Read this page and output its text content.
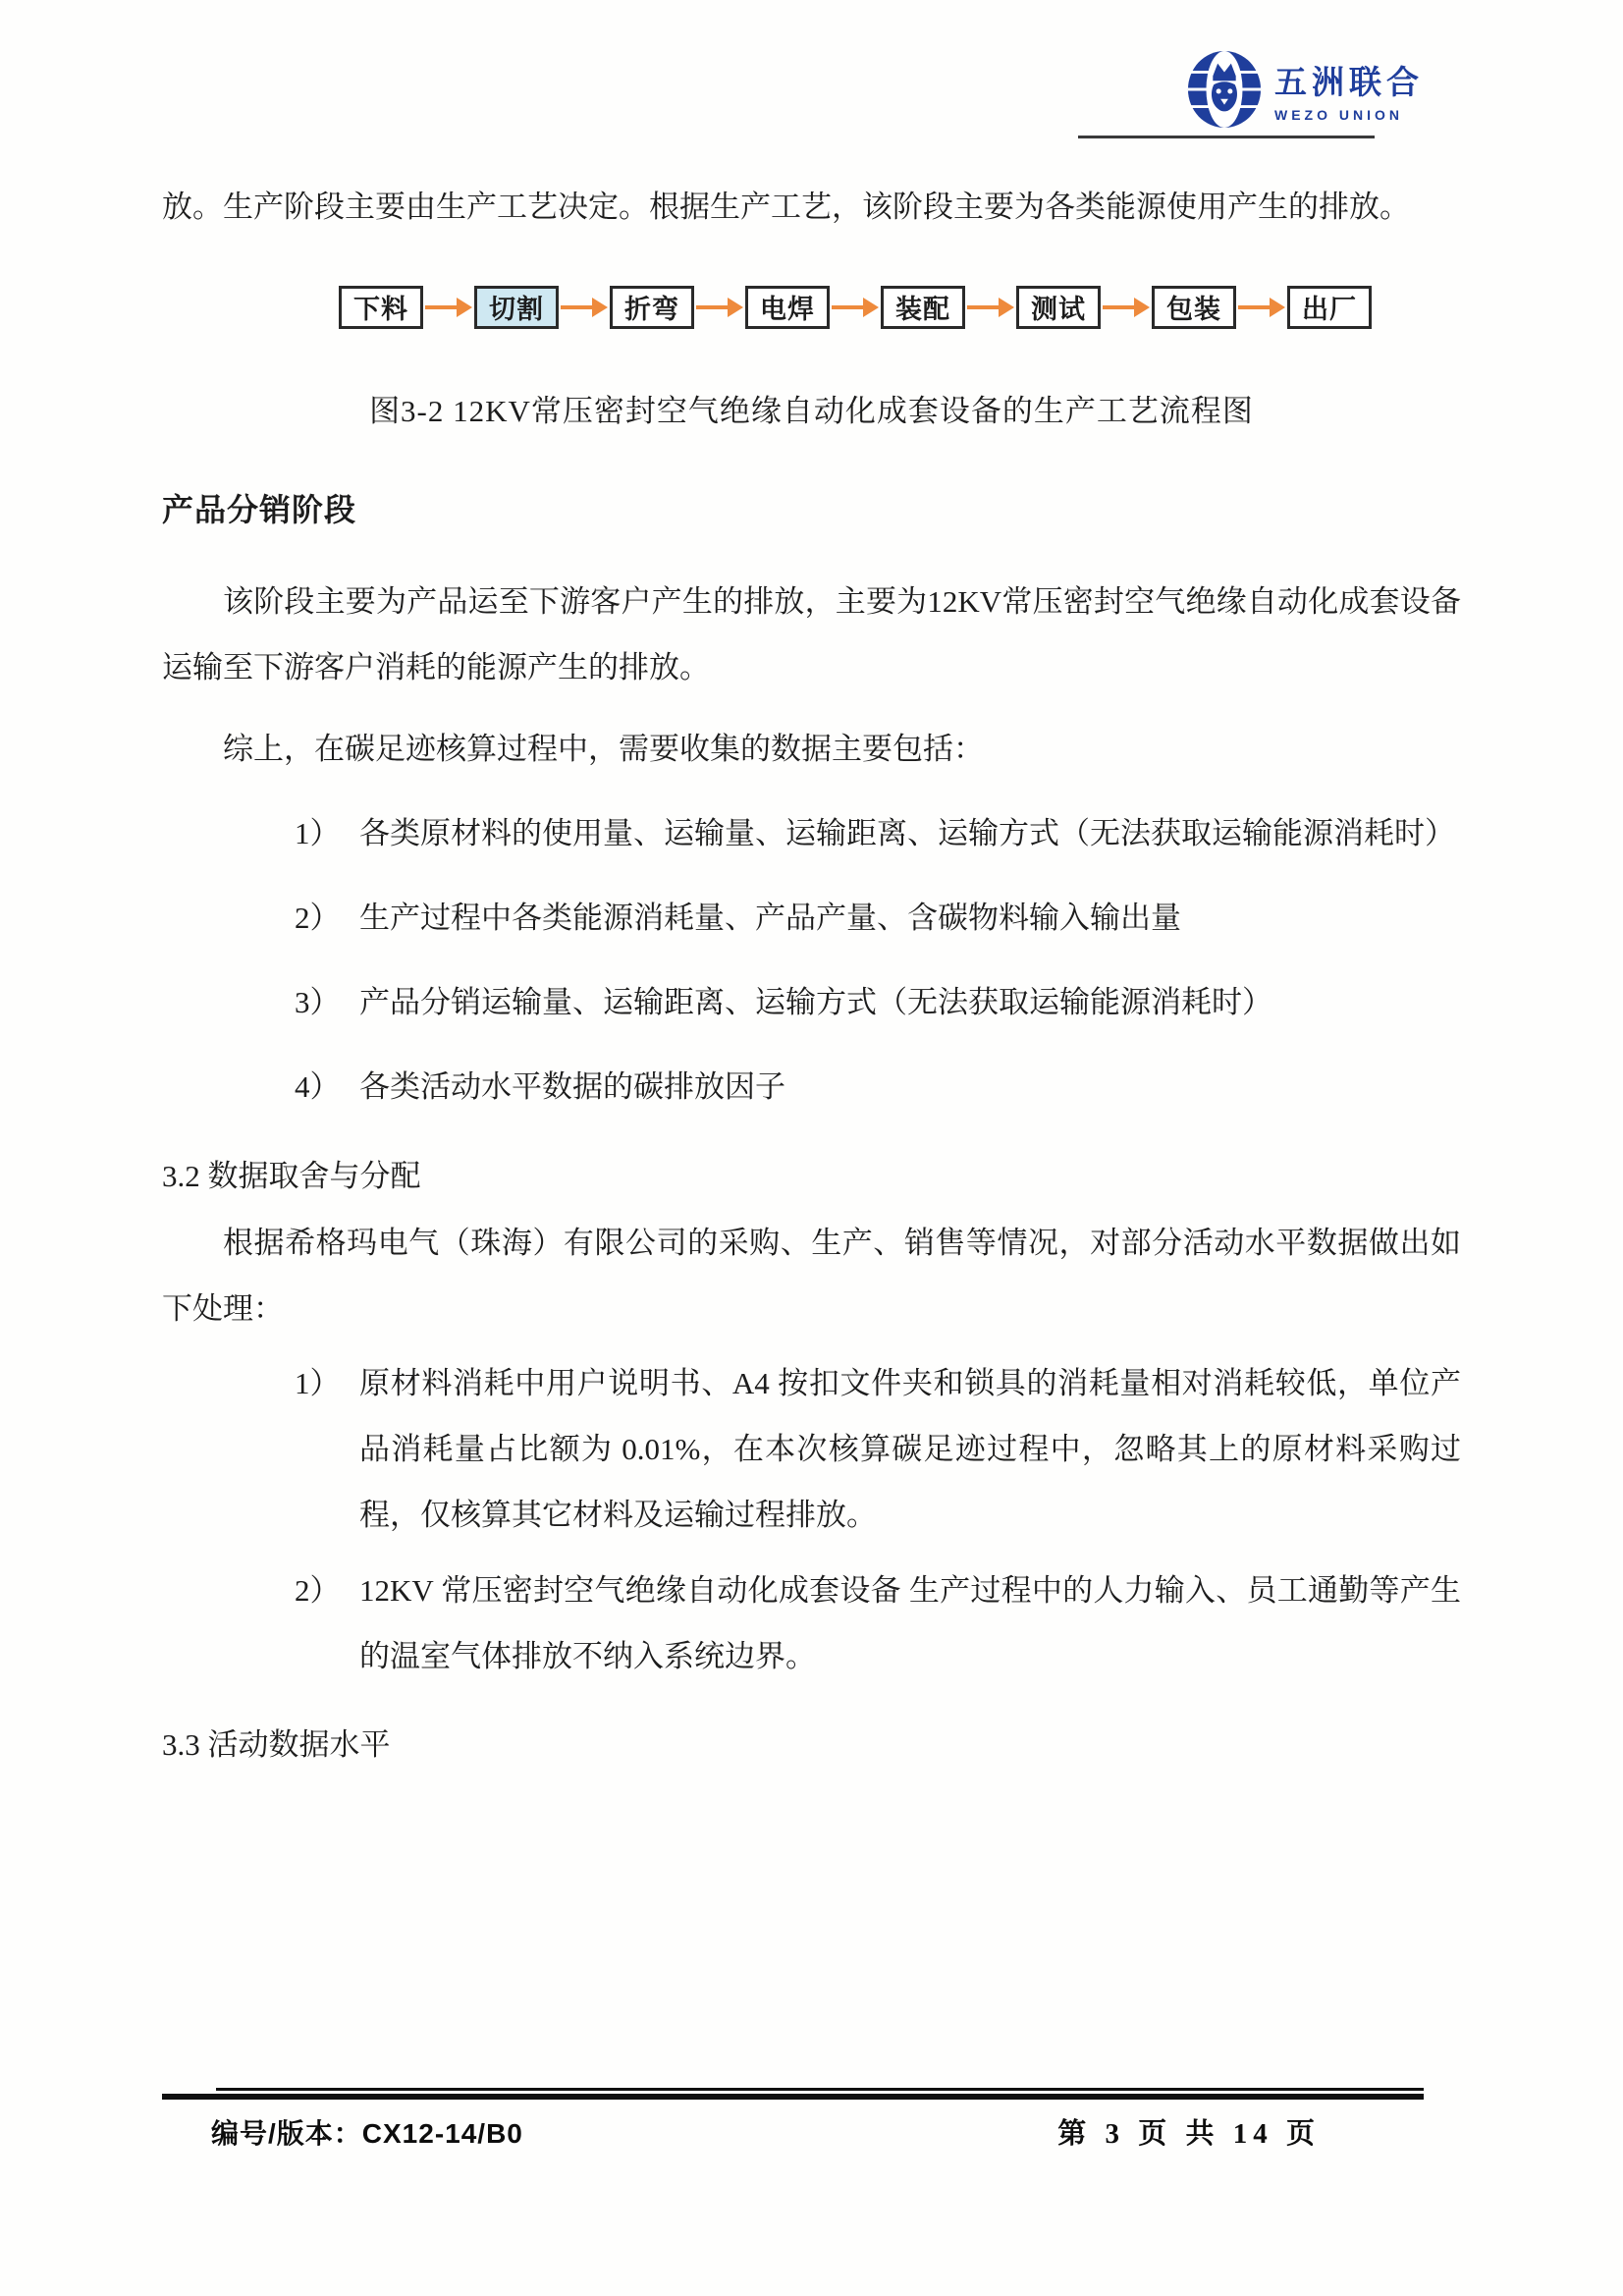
五洲联合
WEZO UNION

放。生产阶段主要由生产工艺决定。根据生产工艺，该阶段主要为各类能源使用产生的排放。

下料	切割	折弯	电焊	装配	测试	包装	出厂
图3-2 12KV常压密封空气绝缘自动化成套设备的生产工艺流程图
产品分销阶段

该阶段主要为产品运至下游客户产生的排放，主要为12KV常压密封空气绝缘自动化成套设备 运输至下游客户消耗的能源产生的排放。

综上，在碳足迹核算过程中，需要收集的数据主要包括：

1） 各类原材料的使用量、运输量、运输距离、运输方式（无法获取运输能源消耗时）
2） 生产过程中各类能源消耗量、产品产量、含碳物料输入输出量
3） 产品分销运输量、运输距离、运输方式（无法获取运输能源消耗时）
4） 各类活动水平数据的碳排放因子
3.2 数据取舍与分配

根据希格玛电气（珠海）有限公司的采购、生产、销售等情况，对部分活动水平数据做出如下处理：

1） 原材料消耗中用户说明书、A4 按扣文件夹和锁具的消耗量相对消耗较低，单位产品消耗量占比额为 0.01%，在本次核算碳足迹过程中，忽略其上的原材料采购过程，仅核算其它材料及运输过程排放。
2） 12KV 常压密封空气绝缘自动化成套设备 生产过程中的人力输入、员工通勤等产生的温室气体排放不纳入系统边界。
3.3 活动数据水平
编号/版本：CX12-14/B0	第 3 页 共 14 页
